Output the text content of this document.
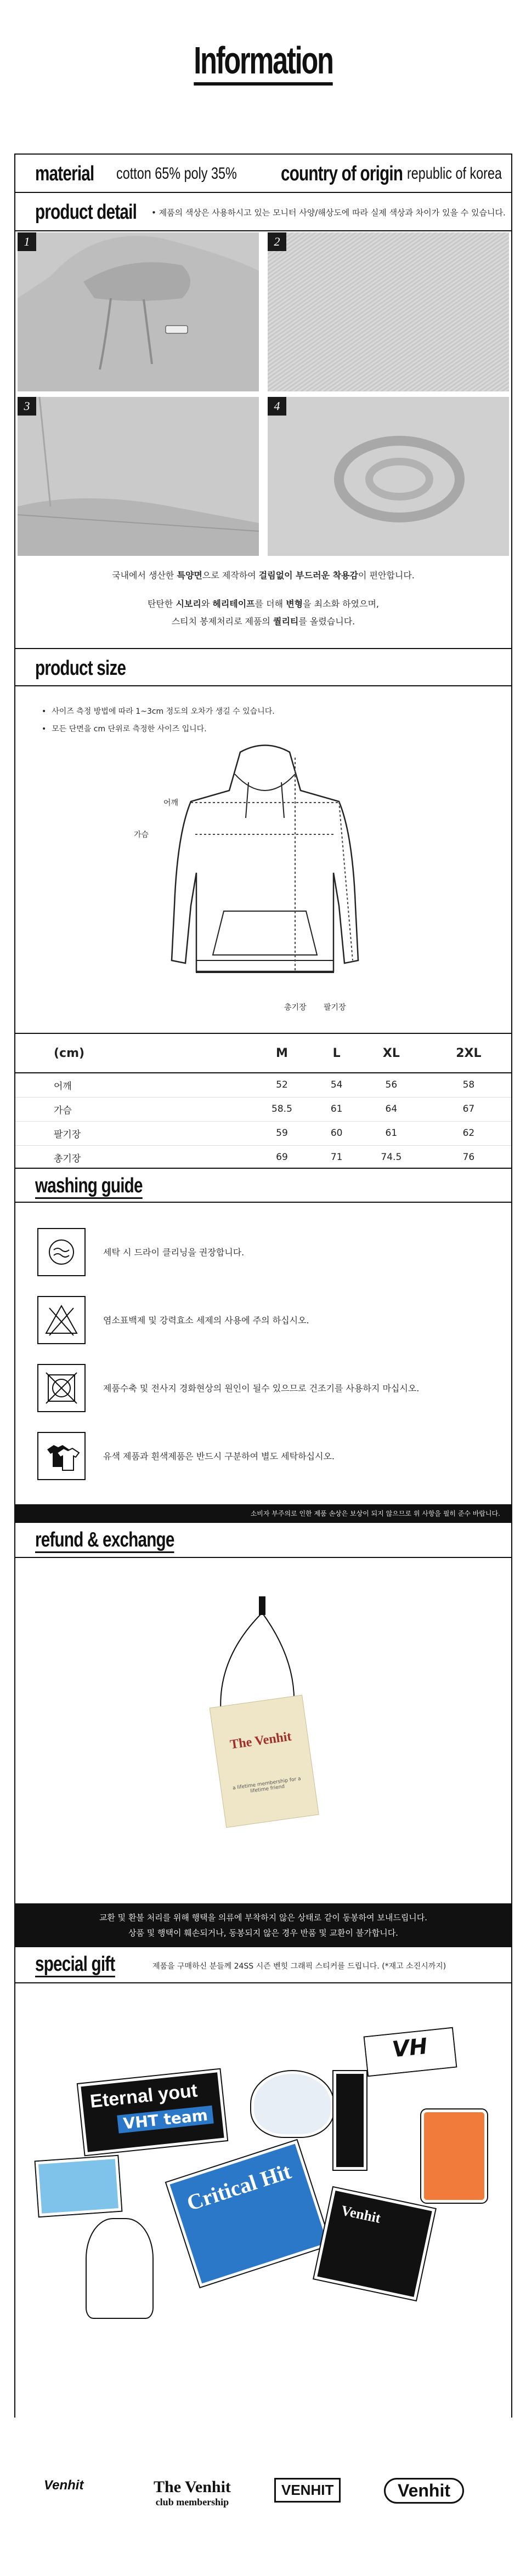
Information
material cotton 65% poly 35% country of origin republic of korea
product detail • 제품의 색상은 사용하시고 있는 모니터 사양/해상도에 따라 실제 색상과 차이가 있을 수 있습니다.
1	2
3	4
국내에서 생산한 특양면으로 제작하여 걸림없이 부드러운 착용감이 편안합니다.
탄탄한 시보리와 헤리테이프를 더해 변형을 최소화 하였으며,
스티치 봉제처리로 제품의 퀄리티를 올렸습니다.
product size
• 사이즈 측정 방법에 따라 1~3cm 정도의 오차가 생길 수 있습니다.
• 모든 단면을 cm 단위로 측정한 사이즈 입니다.
어깨
가슴
총기장 팔기장
(cm)	M	L	XL	2XL
어깨	52	54	56	58
가슴	58.5	61	64	67
팔기장	59	60	61	62
총기장	69	71	74.5	76
washing guide
세탁 시 드라이 클리닝을 권장합니다.
염소표백제 및 강력효소 세제의 사용에 주의 하십시오.
제품수축 및 전사지 경화현상의 원인이 될수 있으므로 건조기를 사용하지 마십시오.
유색 제품과 흰색제품은 반드시 구분하여 별도 세탁하십시오.
소비자 부주의로 인한 제품 손상은 보상이 되지 않으므로 위 사항을 필히 준수 바랍니다.
refund & exchange
The Venhit
a lifetime membership for a lifetime friend
교환 및 환불 처리를 위해 행택을 의류에 부착하지 않은 상태로 같이 동봉하여 보내드립니다.
상품 및 행택이 훼손되거나, 동봉되지 않은 경우 반품 및 교환이 불가합니다.
special gift	제품을 구매하신 분들께 24SS 시즌 벤힛 그래픽 스티커를 드립니다. (*재고 소진시까지)
Eternal yout
VHT team
Critical Hit
VH
Venhit
Venhit	The Venhit
club membership
VENHIT	Venhit
